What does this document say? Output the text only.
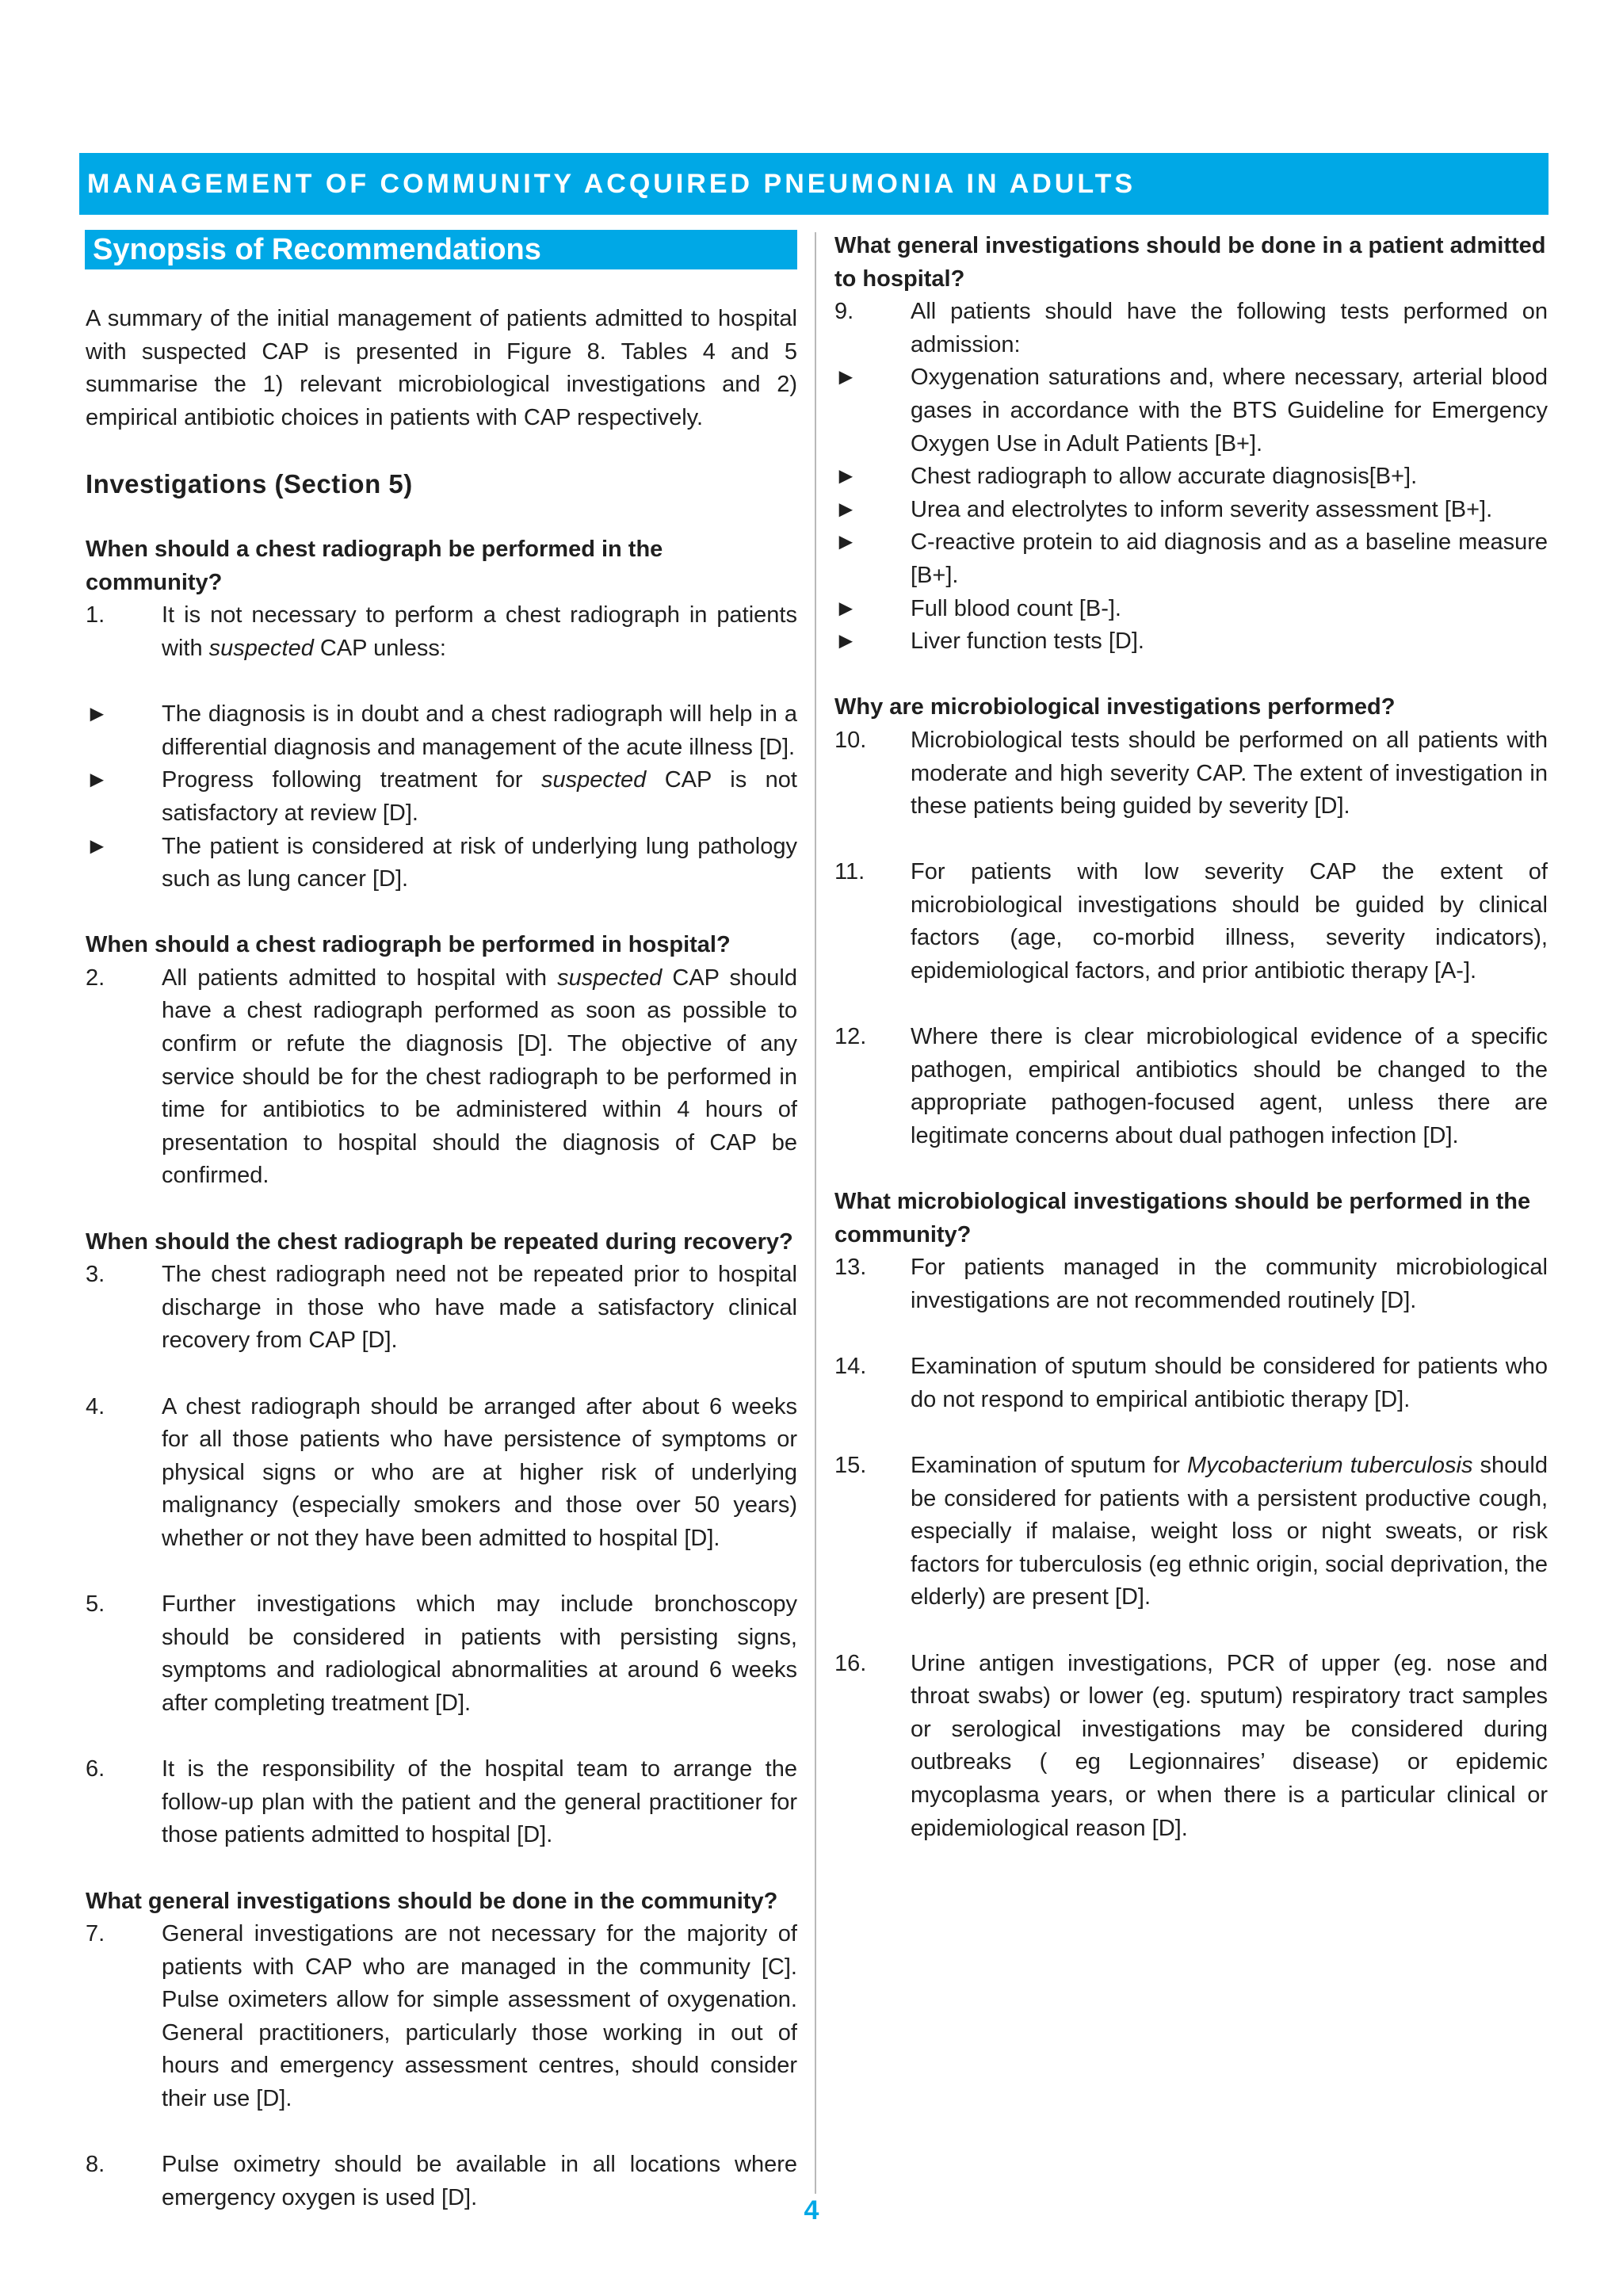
MANAGEMENT OF COMMUNITY ACQUIRED PNEUMONIA IN ADULTS
Synopsis of Recommendations

A summary of the initial management of patients admitted to hospital with suspected CAP is presented in Figure 8. Tables 4 and 5 summarise the 1) relevant microbiological investigations and 2) empirical antibiotic choices in patients with CAP respectively.

Investigations (Section 5)
When should a chest radiograph be performed in the community?
1.	It is not necessary to perform a chest radiograph in patients with suspected CAP unless:
►	The diagnosis is in doubt and a chest radiograph will help in a differential diagnosis and management of the acute illness [D].
►	Progress following treatment for suspected CAP is not satisfactory at review [D].
►	The patient is considered at risk of underlying lung pathology such as lung cancer [D].
When should a chest radiograph be performed in hospital?
2.	All patients admitted to hospital with suspected CAP should have a chest radiograph performed as soon as possible to confirm or refute the diagnosis [D]. The objective of any service should be for the chest radiograph to be performed in time for antibiotics to be administered within 4 hours of presentation to hospital should the diagnosis of CAP be confirmed.
When should the chest radiograph be repeated during recovery?
3.	The chest radiograph need not be repeated prior to hospital discharge in those who have made a satisfactory clinical recovery from CAP [D].
4.	A chest radiograph should be arranged after about 6 weeks for all those patients who have persistence of symptoms or physical signs or who are at higher risk of underlying malignancy (especially smokers and those over 50 years) whether or not they have been admitted to hospital [D].
5.	Further investigations which may include bronchoscopy should be considered in patients with persisting signs, symptoms and radiological abnormalities at around 6 weeks after completing treatment [D].
6.	It is the responsibility of the hospital team to arrange the follow-up plan with the patient and the general practitioner for those patients admitted to hospital [D].
What general investigations should be done in the community?
7.	General investigations are not necessary for the majority of patients with CAP who are managed in the community [C]. Pulse oximeters allow for simple assessment of oxygenation. General practitioners, particularly those working in out of hours and emergency assessment centres, should consider their use [D].
8.	Pulse oximetry should be available in all locations where emergency oxygen is used [D].
What general investigations should be done in a patient admitted to hospital?
9.	All patients should have the following tests performed on admission:
►	Oxygenation saturations and, where necessary, arterial blood gases in accordance with the BTS Guideline for Emergency Oxygen Use in Adult Patients [B+].
►	Chest radiograph to allow accurate diagnosis[B+].
►	Urea and electrolytes to inform severity assessment [B+].
►	C-reactive protein to aid diagnosis and as a baseline measure [B+].
►	Full blood count [B-].
►	Liver function tests [D].
Why are microbiological investigations performed?
10.	Microbiological tests should be performed on all patients with moderate and high severity CAP. The extent of investigation in these patients being guided by severity [D].
11.	For patients with low severity CAP the extent of microbiological investigations should be guided by clinical factors (age, co-morbid illness, severity indicators), epidemiological factors, and prior antibiotic therapy [A-].
12.	Where there is clear microbiological evidence of a specific pathogen, empirical antibiotics should be changed to the appropriate pathogen-focused agent, unless there are legitimate concerns about dual pathogen infection [D].
What microbiological investigations should be performed in the community?
13.	For patients managed in the community microbiological investigations are not recommended routinely [D].
14.	Examination of sputum should be considered for patients who do not respond to empirical antibiotic therapy [D].
15.	Examination of sputum for Mycobacterium tuberculosis should be considered for patients with a persistent productive cough, especially if malaise, weight loss or night sweats, or risk factors for tuberculosis (eg ethnic origin, social deprivation, the elderly) are present [D].
16.	Urine antigen investigations, PCR of upper (eg. nose and throat swabs) or lower (eg. sputum) respiratory tract samples or serological investigations may be considered during outbreaks ( eg Legionnaires’ disease) or epidemic mycoplasma years, or when there is a particular clinical or epidemiological reason [D].
4
